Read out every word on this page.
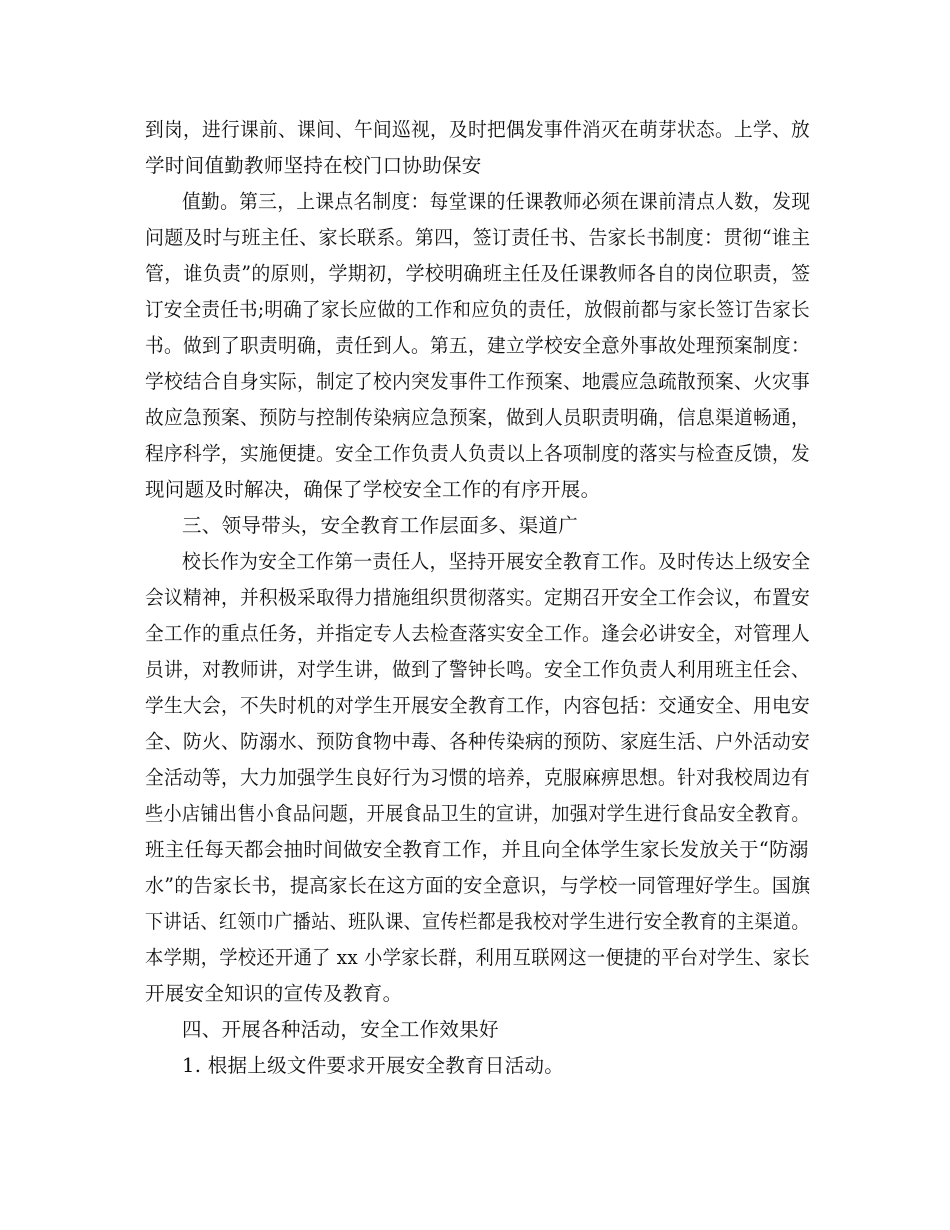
到岗，进行课前、课间、午间巡视，及时把偶发事件消灭在萌芽状态。上学、放
学时间值勤教师坚持在校门口协助保安
值勤。第三，上课点名制度：每堂课的任课教师必须在课前清点人数，发现
问题及时与班主任、家长联系。第四，签订责任书、告家长书制度：贯彻“谁主
管，谁负责”的原则，学期初，学校明确班主任及任课教师各自的岗位职责，签
订安全责任书;明确了家长应做的工作和应负的责任，放假前都与家长签订告家长
书。做到了职责明确，责任到人。第五，建立学校安全意外事故处理预案制度：
学校结合自身实际，制定了校内突发事件工作预案、地震应急疏散预案、火灾事
故应急预案、预防与控制传染病应急预案，做到人员职责明确，信息渠道畅通，
程序科学，实施便捷。安全工作负责人负责以上各项制度的落实与检查反馈，发
现问题及时解决，确保了学校安全工作的有序开展。
三、领导带头，安全教育工作层面多、渠道广
校长作为安全工作第一责任人，坚持开展安全教育工作。及时传达上级安全
会议精神，并积极采取得力措施组织贯彻落实。定期召开安全工作会议，布置安
全工作的重点任务，并指定专人去检查落实安全工作。逢会必讲安全，对管理人
员讲，对教师讲，对学生讲，做到了警钟长鸣。安全工作负责人利用班主任会、
学生大会，不失时机的对学生开展安全教育工作，内容包括：交通安全、用电安
全、防火、防溺水、预防食物中毒、各种传染病的预防、家庭生活、户外活动安
全活动等，大力加强学生良好行为习惯的培养，克服麻痹思想。针对我校周边有
些小店铺出售小食品问题，开展食品卫生的宣讲，加强对学生进行食品安全教育。
班主任每天都会抽时间做安全教育工作，并且向全体学生家长发放关于“防溺
水”的告家长书，提高家长在这方面的安全意识，与学校一同管理好学生。国旗
下讲话、红领巾广播站、班队课、宣传栏都是我校对学生进行安全教育的主渠道。
本学期，学校还开通了 xx 小学家长群，利用互联网这一便捷的平台对学生、家长
开展安全知识的宣传及教育。
四、开展各种活动，安全工作效果好
1. 根据上级文件要求开展安全教育日活动。
